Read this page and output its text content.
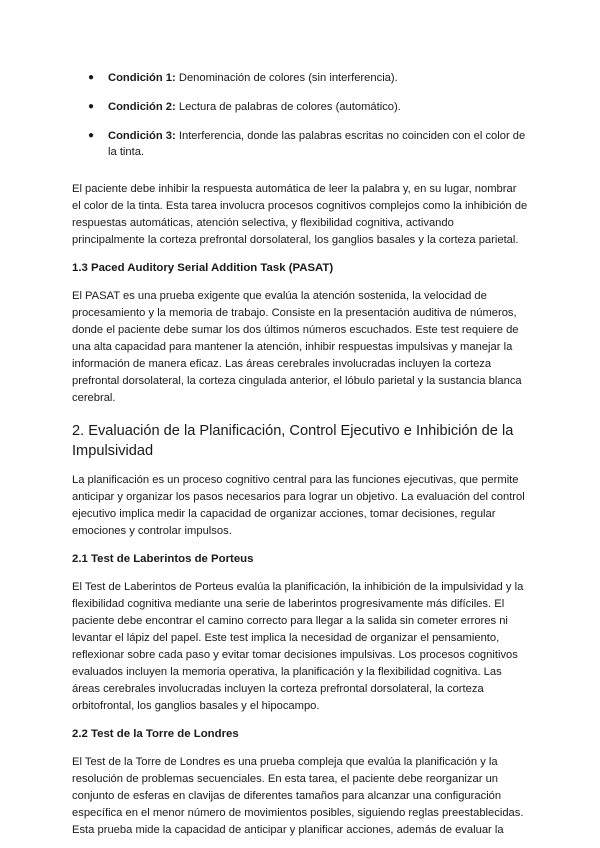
● Condición 1: Denominación de colores (sin interferencia).
● Condición 2: Lectura de palabras de colores (automático).
● Condición 3: Interferencia, donde las palabras escritas no coinciden con el color de la tinta.

El paciente debe inhibir la respuesta automática de leer la palabra y, en su lugar, nombrar el color de la tinta. Esta tarea involucra procesos cognitivos complejos como la inhibición de respuestas automáticas, atención selectiva, y flexibilidad cognitiva, activando principalmente la corteza prefrontal dorsolateral, los ganglios basales y la corteza parietal.

1.3 Paced Auditory Serial Addition Task (PASAT)

El PASAT es una prueba exigente que evalúa la atención sostenida, la velocidad de procesamiento y la memoria de trabajo. Consiste en la presentación auditiva de números, donde el paciente debe sumar los dos últimos números escuchados. Este test requiere de una alta capacidad para mantener la atención, inhibir respuestas impulsivas y manejar la información de manera eficaz. Las áreas cerebrales involucradas incluyen la corteza prefrontal dorsolateral, la corteza cingulada anterior, el lóbulo parietal y la sustancia blanca cerebral.

2. Evaluación de la Planificación, Control Ejecutivo e Inhibición de la Impulsividad

La planificación es un proceso cognitivo central para las funciones ejecutivas, que permite anticipar y organizar los pasos necesarios para lograr un objetivo. La evaluación del control ejecutivo implica medir la capacidad de organizar acciones, tomar decisiones, regular emociones y controlar impulsos.

2.1 Test de Laberintos de Porteus

El Test de Laberintos de Porteus evalúa la planificación, la inhibición de la impulsividad y la flexibilidad cognitiva mediante una serie de laberintos progresivamente más difíciles. El paciente debe encontrar el camino correcto para llegar a la salida sin cometer errores ni levantar el lápiz del papel. Este test implica la necesidad de organizar el pensamiento, reflexionar sobre cada paso y evitar tomar decisiones impulsivas. Los procesos cognitivos evaluados incluyen la memoria operativa, la planificación y la flexibilidad cognitiva. Las áreas cerebrales involucradas incluyen la corteza prefrontal dorsolateral, la corteza orbitofrontal, los ganglios basales y el hipocampo.

2.2 Test de la Torre de Londres

El Test de la Torre de Londres es una prueba compleja que evalúa la planificación y la resolución de problemas secuenciales. En esta tarea, el paciente debe reorganizar un conjunto de esferas en clavijas de diferentes tamaños para alcanzar una configuración específica en el menor número de movimientos posibles, siguiendo reglas preestablecidas. Esta prueba mide la capacidad de anticipar y planificar acciones, además de evaluar la
